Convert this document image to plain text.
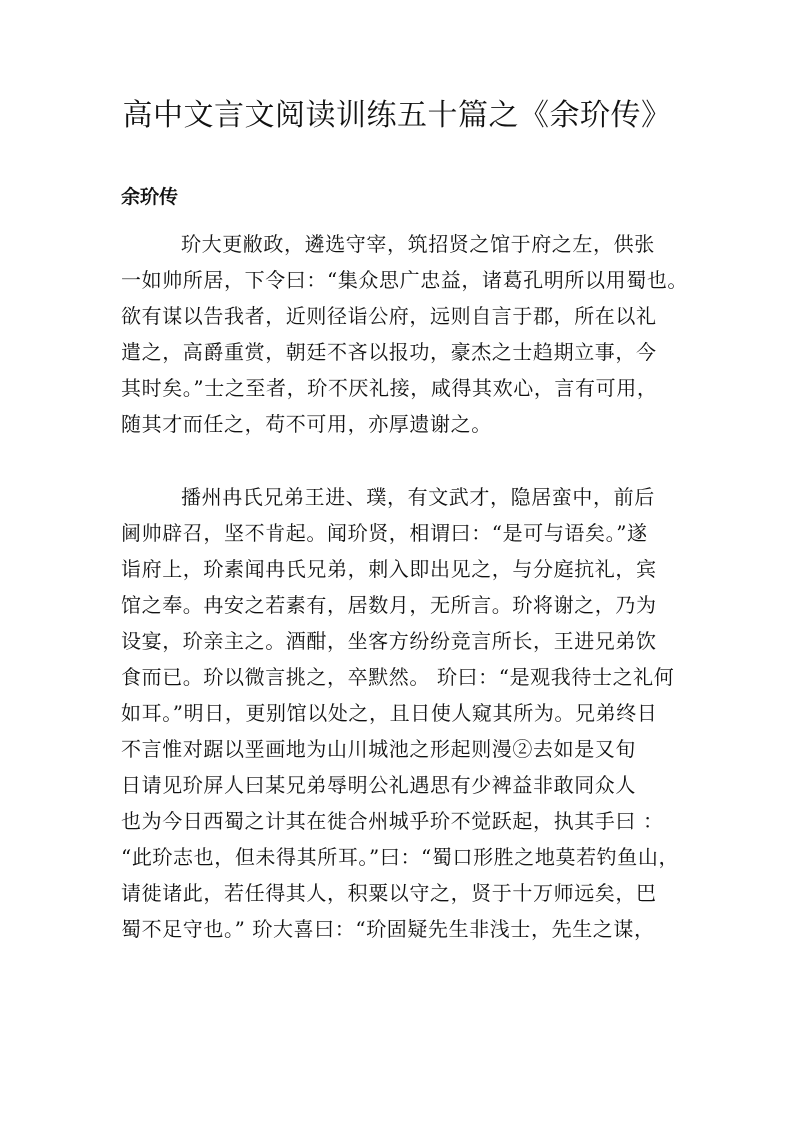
高中文言文阅读训练五十篇之《余玠传》
余玠传
玠大更敝政，遴选守宰，筑招贤之馆于府之左，供张
一如帅所居，下令曰：“集众思广忠益，诸葛孔明所以用蜀也。
欲有谋以告我者，近则径诣公府，远则自言于郡，所在以礼
遣之，高爵重赏，朝廷不吝以报功，豪杰之士趋期立事，今
其时矣。”士之至者，玠不厌礼接，咸得其欢心，言有可用，
随其才而任之，苟不可用，亦厚遗谢之。
播州冉氏兄弟王进、璞，有文武才，隐居蛮中，前后
阃帅辟召，坚不肯起。闻玠贤，相谓曰：“是可与语矣。”遂
诣府上，玠素闻冉氏兄弟，刺入即出见之，与分庭抗礼，宾
馆之奉。冉安之若素有，居数月，无所言。玠将谢之，乃为
设宴，玠亲主之。酒酣，坐客方纷纷竞言所长，王进兄弟饮
食而已。玠以微言挑之，卒默然。 玠曰：“是观我待士之礼何
如耳。”明日，更别馆以处之，且日使人窥其所为。兄弟终日
不言惟对踞以垩画地为山川城池之形起则漫②去如是又旬
日请见玠屏人曰某兄弟辱明公礼遇思有少裨益非敢同众人
也为今日西蜀之计其在徙合州城乎玠不觉跃起，执其手曰 ：
“此玠志也，但未得其所耳。”曰：“蜀口形胜之地莫若钓鱼山，
请徙诸此，若任得其人，积粟以守之，贤于十万师远矣，巴
蜀不足守也。” 玠大喜曰：“玠固疑先生非浅士，先生之谋，
